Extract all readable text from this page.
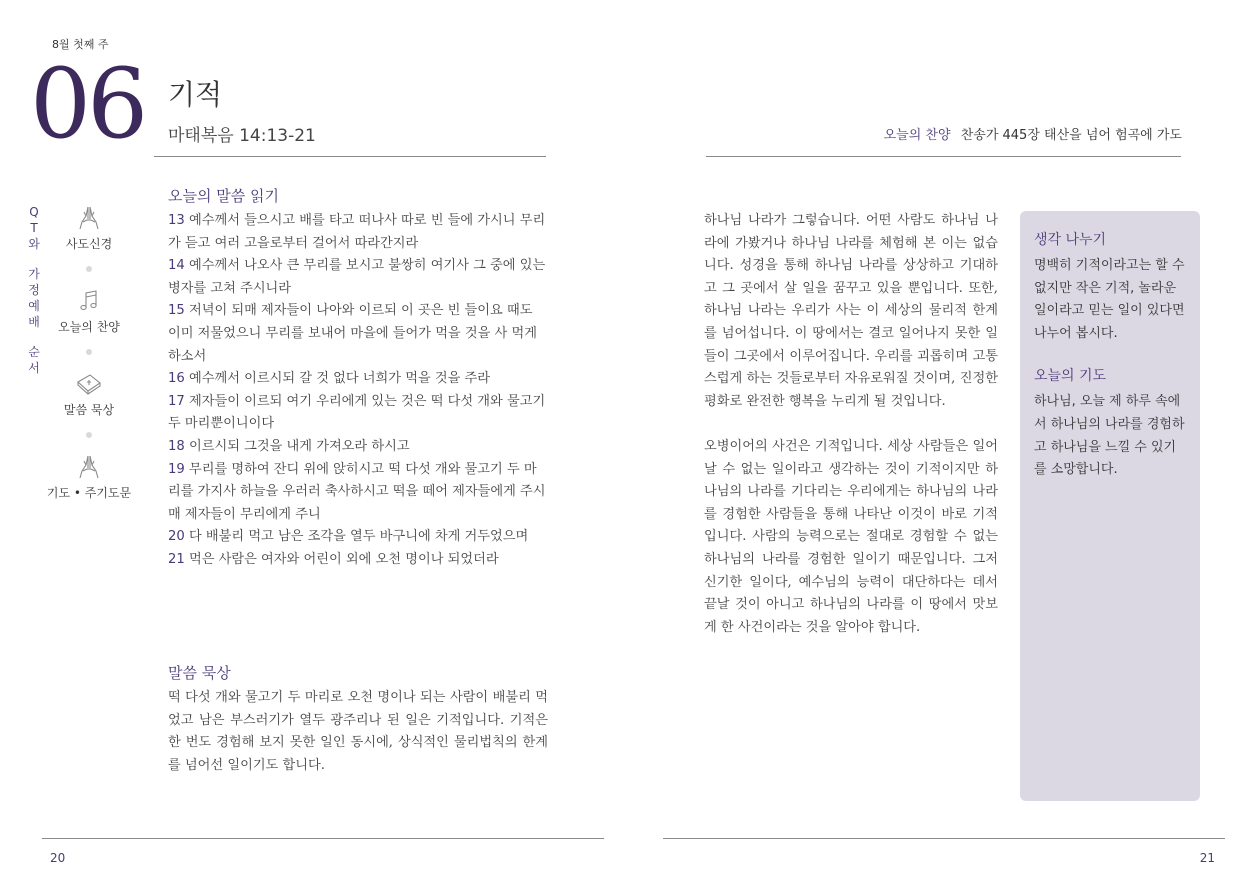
8월 첫째 주
06 기적
마태복음 14:13-21	오늘의 찬양 찬송가 445장 태산을 넘어 험곡에 가도
Q
T
와
가
정
예
배
순
서
사도신경
오늘의 찬양
말씀 묵상
기도 • 주기도문
오늘의 말씀 읽기
13 예수께서 들으시고 배를 타고 떠나사 따로 빈 들에 가시니 무리가 듣고 여러 고을로부터 걸어서 따라간지라
14 예수께서 나오사 큰 무리를 보시고 불쌍히 여기사 그 중에 있는 병자를 고쳐 주시니라
15 저녁이 되매 제자들이 나아와 이르되 이 곳은 빈 들이요 때도 이미 저물었으니 무리를 보내어 마을에 들어가 먹을 것을 사 먹게 하소서
16 예수께서 이르시되 갈 것 없다 너희가 먹을 것을 주라
17 제자들이 이르되 여기 우리에게 있는 것은 떡 다섯 개와 물고기 두 마리뿐이니이다
18 이르시되 그것을 내게 가져오라 하시고
19 무리를 명하여 잔디 위에 앉히시고 떡 다섯 개와 물고기 두 마리를 가지사 하늘을 우러러 축사하시고 떡을 떼어 제자들에게 주시매 제자들이 무리에게 주니
20 다 배불리 먹고 남은 조각을 열두 바구니에 차게 거두었으며
21 먹은 사람은 여자와 어린이 외에 오천 명이나 되었더라
말씀 묵상
떡 다섯 개와 물고기 두 마리로 오천 명이나 되는 사람이 배불리 먹었고 남은 부스러기가 열두 광주리나 된 일은 기적입니다. 기적은 한 번도 경험해 보지 못한 일인 동시에, 상식적인 물리법칙의 한계를 넘어선 일이기도 합니다.

하나님 나라가 그렇습니다. 어떤 사람도 하나님 나라에 가봤거나 하나님 나라를 체험해 본 이는 없습니다. 성경을 통해 하나님 나라를 상상하고 기대하고 그 곳에서 살 일을 꿈꾸고 있을 뿐입니다. 또한, 하나님 나라는 우리가 사는 이 세상의 물리적 한계를 넘어섭니다. 이 땅에서는 결코 일어나지 못한 일들이 그곳에서 이루어집니다. 우리를 괴롭히며 고통스럽게 하는 것들로부터 자유로워질 것이며, 진정한 평화로 완전한 행복을 누리게 될 것입니다.

오병이어의 사건은 기적입니다. 세상 사람들은 일어날 수 없는 일이라고 생각하는 것이 기적이지만 하나님의 나라를 기다리는 우리에게는 하나님의 나라를 경험한 사람들을 통해 나타난 이것이 바로 기적입니다. 사람의 능력으로는 절대로 경험할 수 없는 하나님의 나라를 경험한 일이기 때문입니다. 그저 신기한 일이다, 예수님의 능력이 대단하다는 데서 끝날 것이 아니고 하나님의 나라를 이 땅에서 맛보게 한 사건이라는 것을 알아야 합니다.

생각 나누기
명백히 기적이라고는 할 수 없지만 작은 기적, 놀라운 일이라고 믿는 일이 있다면 나누어 봅시다.
오늘의 기도
하나님, 오늘 제 하루 속에서 하나님의 나라를 경험하고 하나님을 느낄 수 있기를 소망합니다.
20	21
